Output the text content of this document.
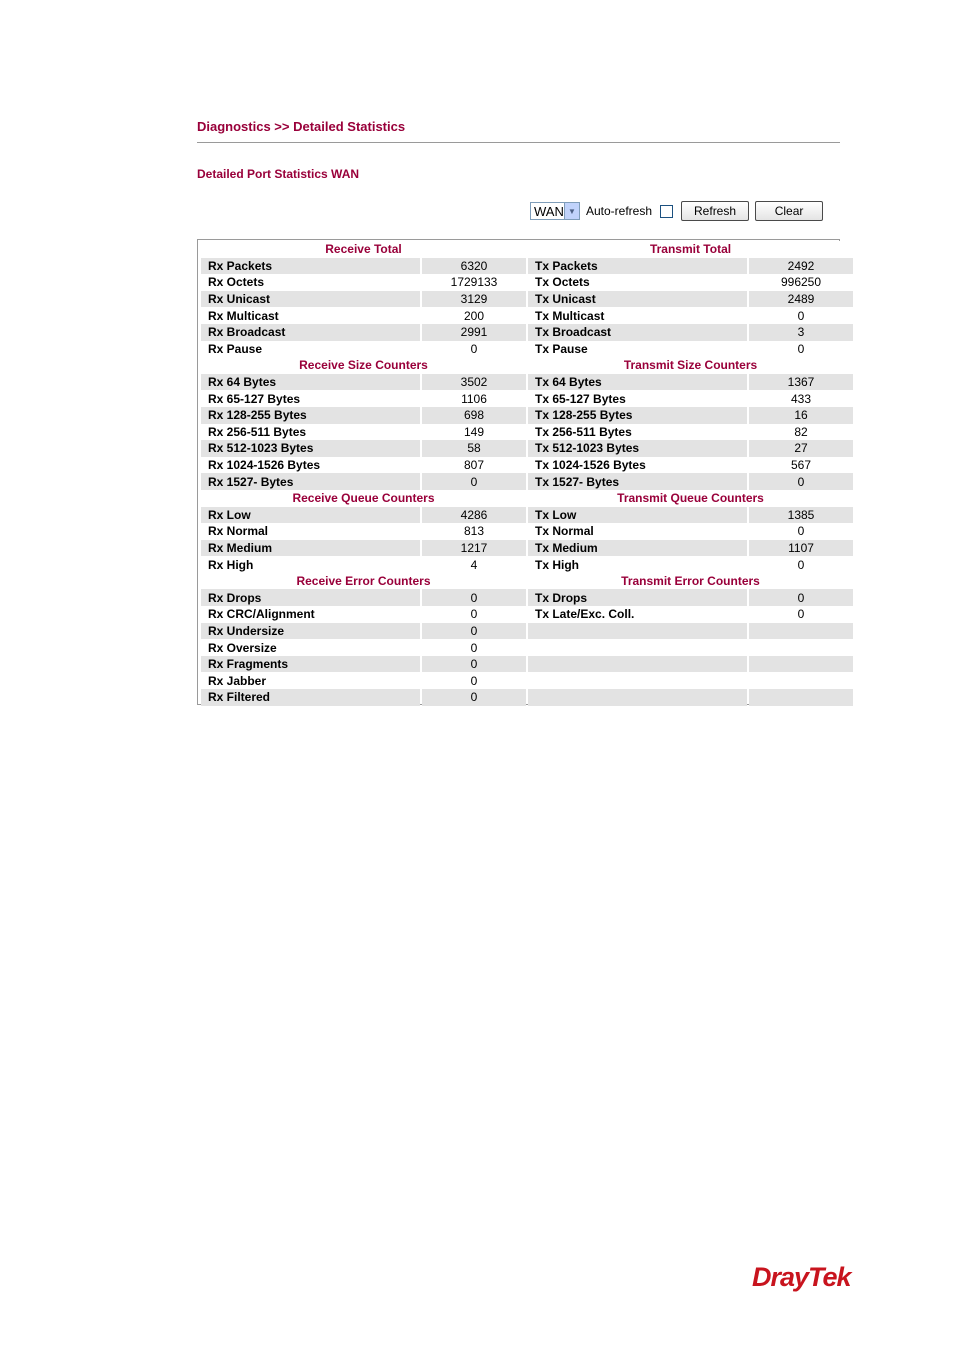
Diagnostics >> Detailed Statistics
Detailed Port Statistics WAN
WAN ▼ Auto-refresh	Refresh	Clear
Receive Total		Transmit Total	
Rx Packets	6320	Tx Packets	2492
Rx Octets	1729133	Tx Octets	996250
Rx Unicast	3129	Tx Unicast	2489
Rx Multicast	200	Tx Multicast	0
Rx Broadcast	2991	Tx Broadcast	3
Rx Pause	0	Tx Pause	0
Receive Size Counters		Transmit Size Counters	
Rx 64 Bytes	3502	Tx 64 Bytes	1367
Rx 65-127 Bytes	1106	Tx 65-127 Bytes	433
Rx 128-255 Bytes	698	Tx 128-255 Bytes	16
Rx 256-511 Bytes	149	Tx 256-511 Bytes	82
Rx 512-1023 Bytes	58	Tx 512-1023 Bytes	27
Rx 1024-1526 Bytes	807	Tx 1024-1526 Bytes	567
Rx 1527- Bytes	0	Tx 1527- Bytes	0
Receive Queue Counters		Transmit Queue Counters	
Rx Low	4286	Tx Low	1385
Rx Normal	813	Tx Normal	0
Rx Medium	1217	Tx Medium	1107
Rx High	4	Tx High	0
Receive Error Counters		Transmit Error Counters	
Rx Drops	0	Tx Drops	0
Rx CRC/Alignment	0	Tx Late/Exc. Coll.	0
Rx Undersize	0		
Rx Oversize	0		
Rx Fragments	0		
Rx Jabber	0		
Rx Filtered	0		
DrayTek
